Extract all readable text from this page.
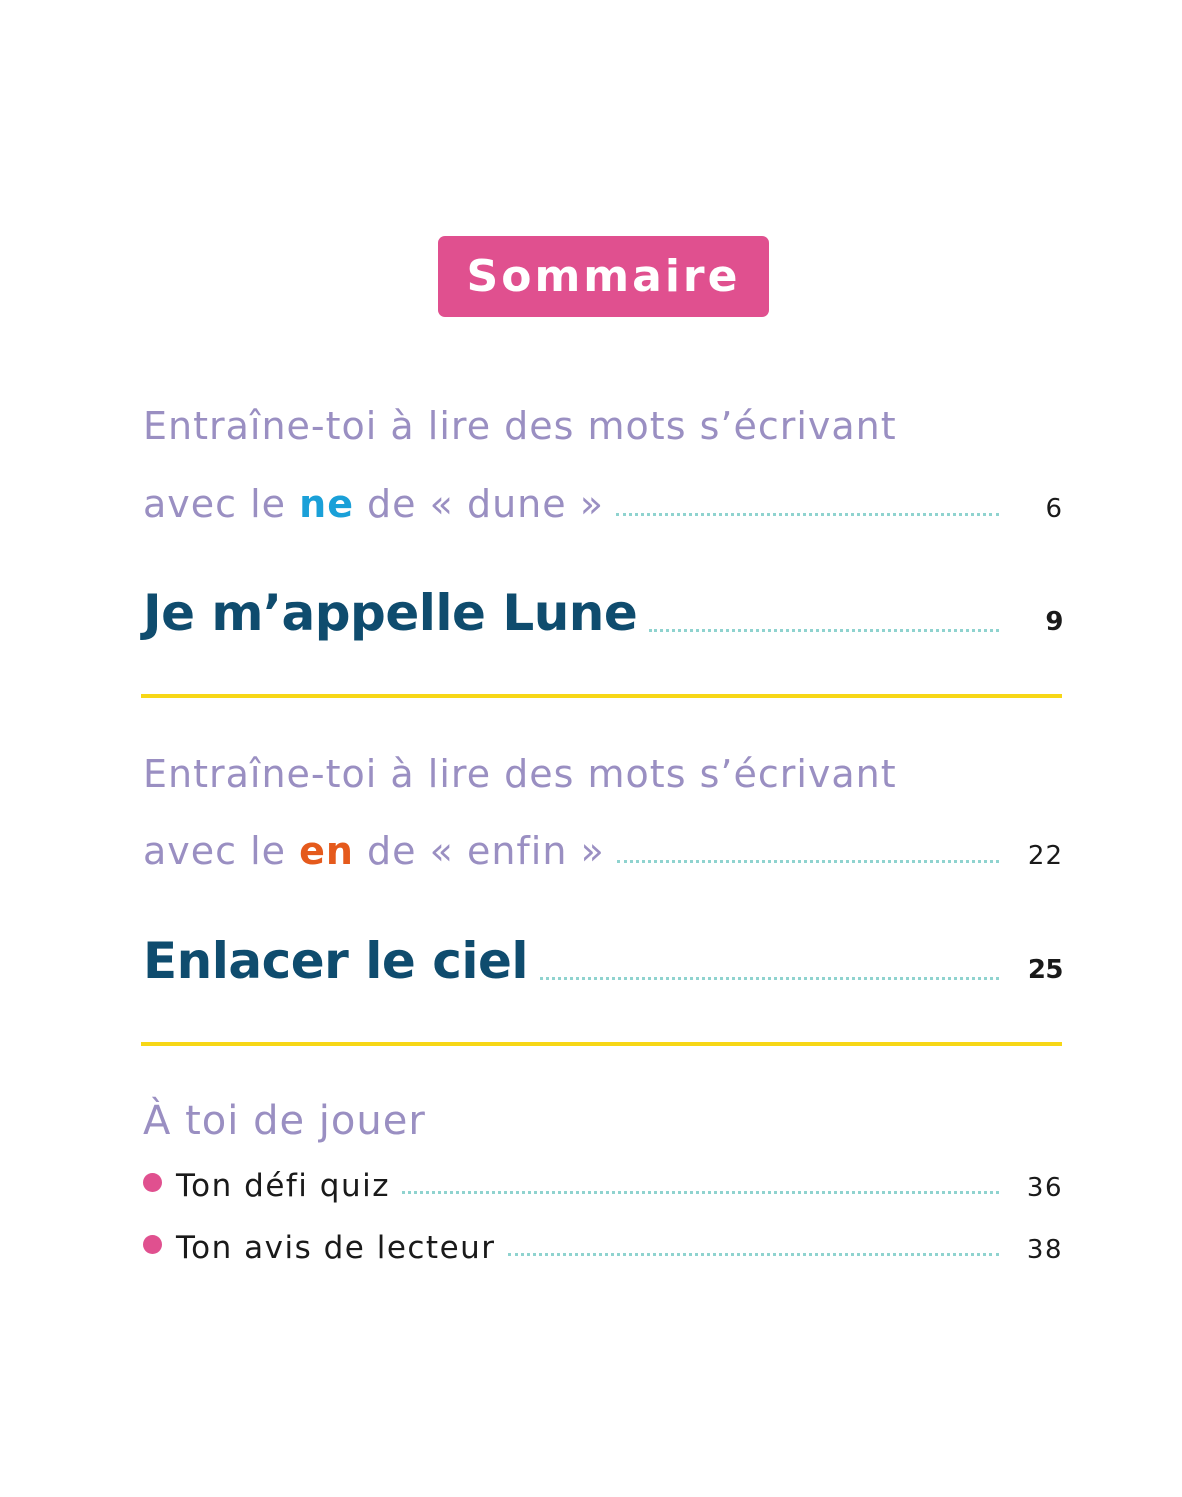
Sommaire
Entraîne-toi à lire des mots s’écrivant
avec le ne de « dune »	6
Je m’appelle Lune	9
Entraîne-toi à lire des mots s’écrivant
avec le en de « enfin »	22
Enlacer le ciel	25
À toi de jouer
Ton défi quiz	36
Ton avis de lecteur	38
